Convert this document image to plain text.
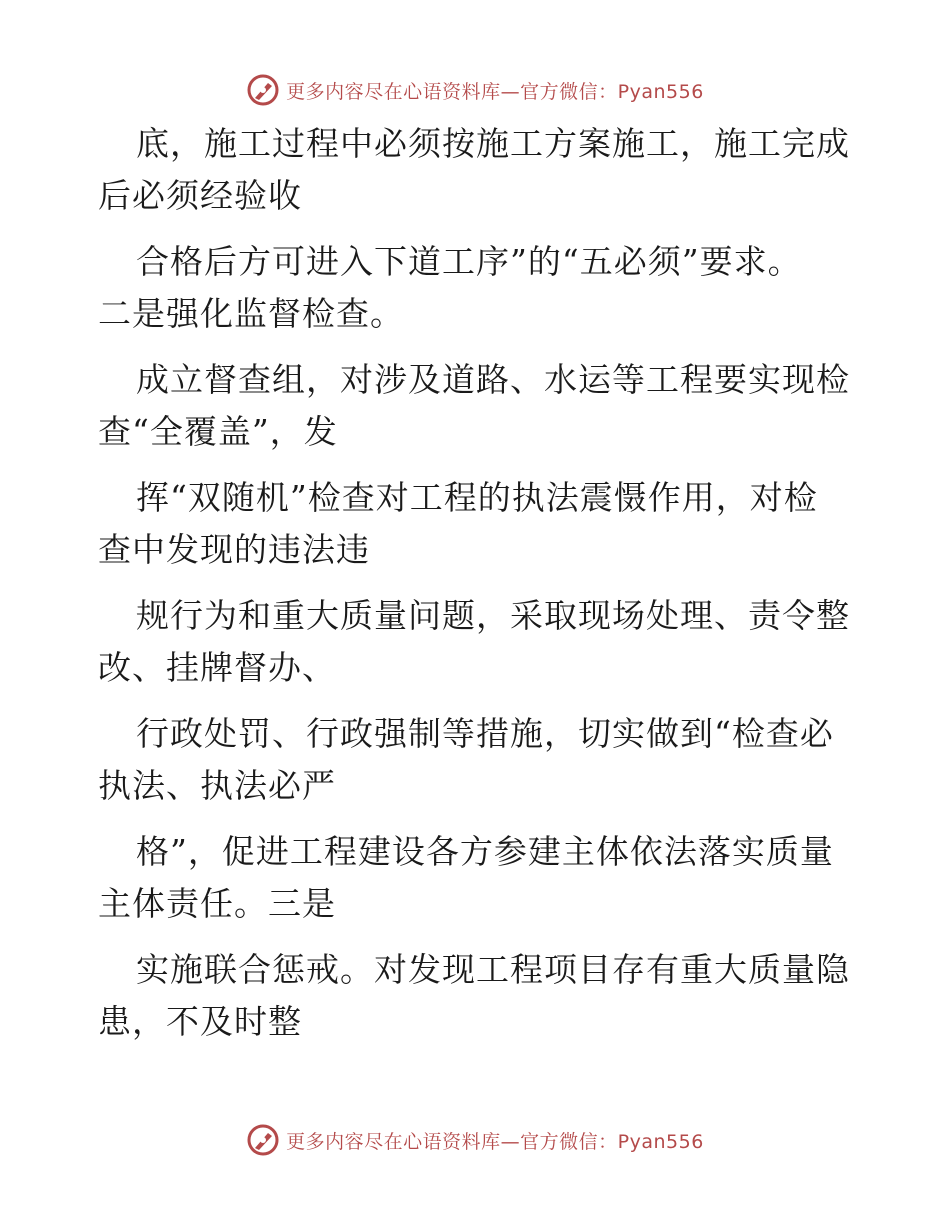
更多内容尽在心语资料库—官方微信：Pyan556

底，施工过程中必须按施工方案施工，施工完成
后必须经验收

合格后方可进入下道工序”的“五必须”要求。
二是强化监督检查。

成立督查组，对涉及道路、水运等工程要实现检
查“全覆盖”，发

挥“双随机”检查对工程的执法震慑作用，对检
查中发现的违法违

规行为和重大质量问题，采取现场处理、责令整
改、挂牌督办、

行政处罚、行政强制等措施，切实做到“检查必
执法、执法必严

格”，促进工程建设各方参建主体依法落实质量
主体责任。三是

实施联合惩戒。对发现工程项目存有重大质量隐
患，不及时整

更多内容尽在心语资料库—官方微信：Pyan556
